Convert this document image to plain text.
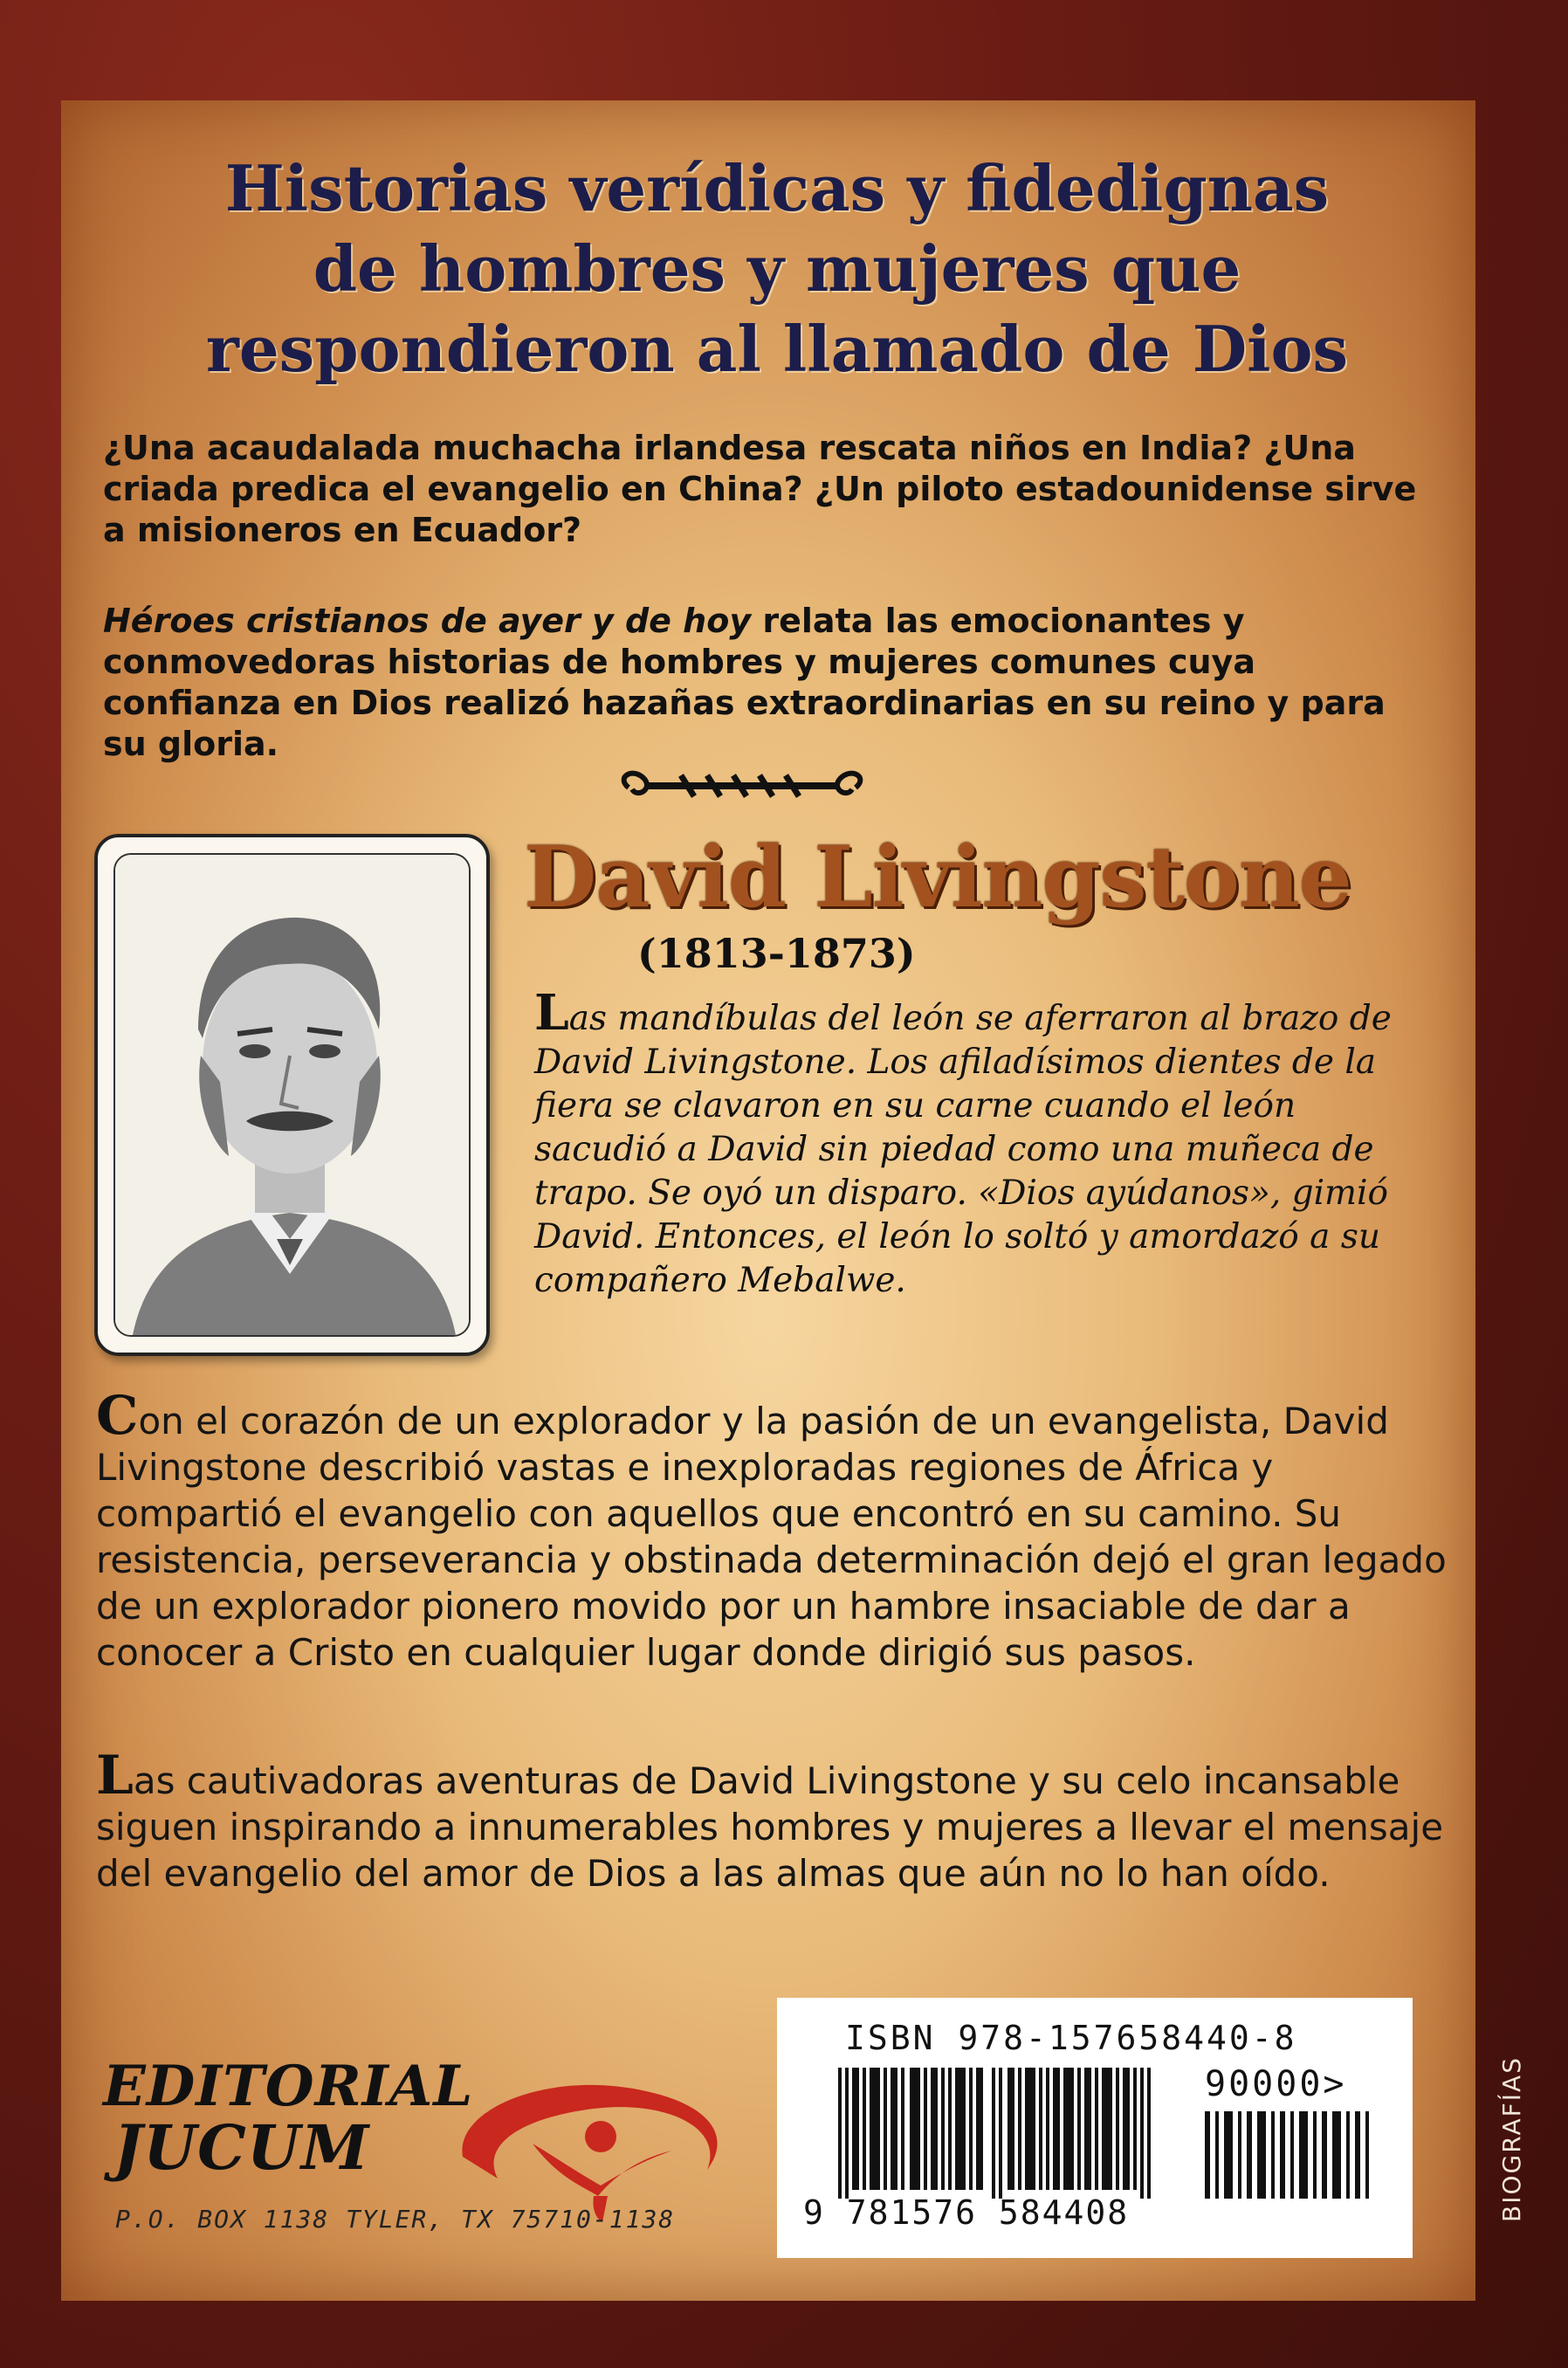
Historias verídicas y fidedignas
de hombres y mujeres que
respondieron al llamado de Dios

¿Una acaudalada muchacha irlandesa rescata niños en India? ¿Una criada predica el evangelio en China? ¿Un piloto estadounidense sirve a misioneros en Ecuador?

Héroes cristianos de ayer y de hoy relata las emocionantes y conmovedoras historias de hombres y mujeres comunes cuya confianza en Dios realizó hazañas extraordinarias en su reino y para su gloria.

David Livingstone

(1813-1873)

Las mandíbulas del león se aferraron al brazo de David Livingstone. Los afiladísimos dientes de la fiera se clavaron en su carne cuando el león sacudió a David sin piedad como una muñeca de trapo. Se oyó un disparo. «Dios ayúdanos», gimió David. Entonces, el león lo soltó y amordazó a su compañero Mebalwe.

Con el corazón de un explorador y la pasión de un evangelista, David Livingstone describió vastas e inexploradas regiones de África y compartió el evangelio con aquellos que encontró en su camino. Su resistencia, perseverancia y obstinada determinación dejó el gran legado de un explorador pionero movido por un hambre insaciable de dar a conocer a Cristo en cualquier lugar donde dirigió sus pasos.

Las cautivadoras aventuras de David Livingstone y su celo incansable siguen inspirando a innumerables hombres y mujeres a llevar el mensaje del evangelio del amor de Dios a las almas que aún no lo han oído.

EDITORIAL

JUCUM

P.O. BOX 1138 TYLER, TX 75710-1138

ISBN 978-157658440-8

90000>

9 781576 584408	BIOGRAFÍAS
